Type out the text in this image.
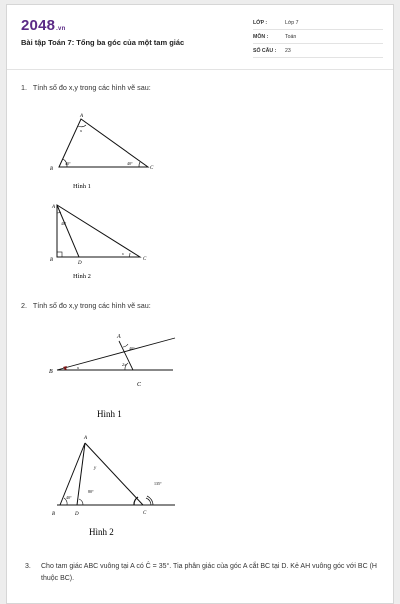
2048.vn
Bài tập Toán 7: Tổng ba góc của một tam giác
LỚP :	Lớp 7
MÔN :	Toán
SỐ CÂU : 23
1. Tính số đo x,y trong các hình vẽ sau:
A
B	C
40°	40°
x
Hình 1
A
B	C
D
40°
x
Hình 2
2. Tính số đo x,y trong các hình vẽ sau:
A
B
C
40°
x
2x
Hình 1
A
B	C
D
y
80°
40°
135°
Hình 2
3. Cho tam giác ABC vuông tại A có Ĉ = 35°. Tia phân giác của góc A cắt BC tại D. Kẻ AH vuông góc với BC (H thuộc BC).
